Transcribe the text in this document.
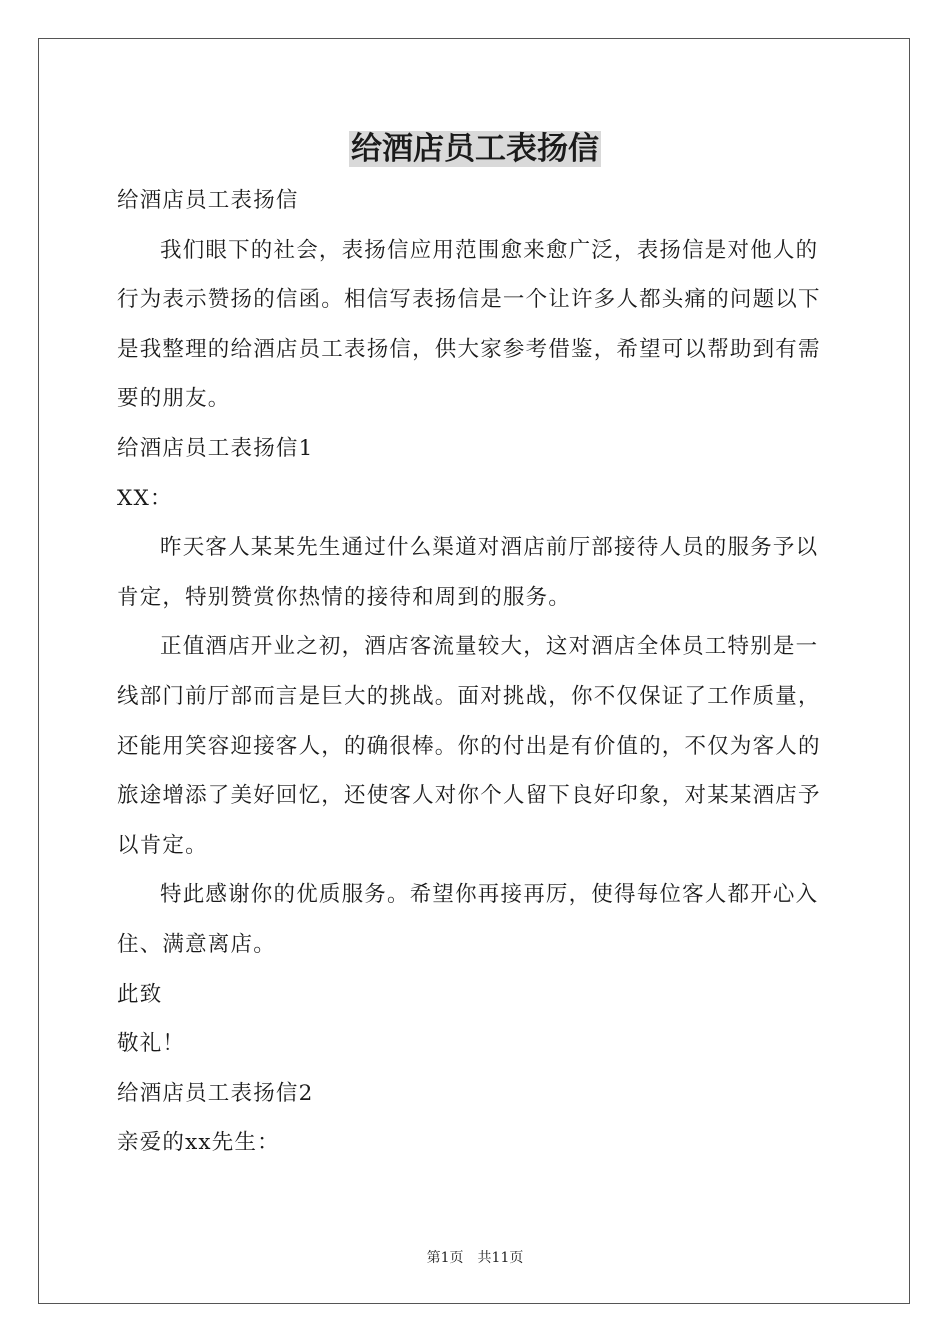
给酒店员工表扬信

给酒店员工表扬信

我们眼下的社会，表扬信应用范围愈来愈广泛，表扬信是对他人的行为表示赞扬的信函。相信写表扬信是一个让许多人都头痛的问题以下是我整理的给酒店员工表扬信，供大家参考借鉴，希望可以帮助到有需要的朋友。

给酒店员工表扬信1

XX：

昨天客人某某先生通过什么渠道对酒店前厅部接待人员的服务予以肯定，特别赞赏你热情的接待和周到的服务。

正值酒店开业之初，酒店客流量较大，这对酒店全体员工特别是一线部门前厅部而言是巨大的挑战。面对挑战，你不仅保证了工作质量，还能用笑容迎接客人，的确很棒。你的付出是有价值的，不仅为客人的旅途增添了美好回忆，还使客人对你个人留下良好印象，对某某酒店予以肯定。

特此感谢你的优质服务。希望你再接再厉，使得每位客人都开心入住、满意离店。

此致

敬礼！

给酒店员工表扬信2

亲爱的xx先生：

第1页 共11页
